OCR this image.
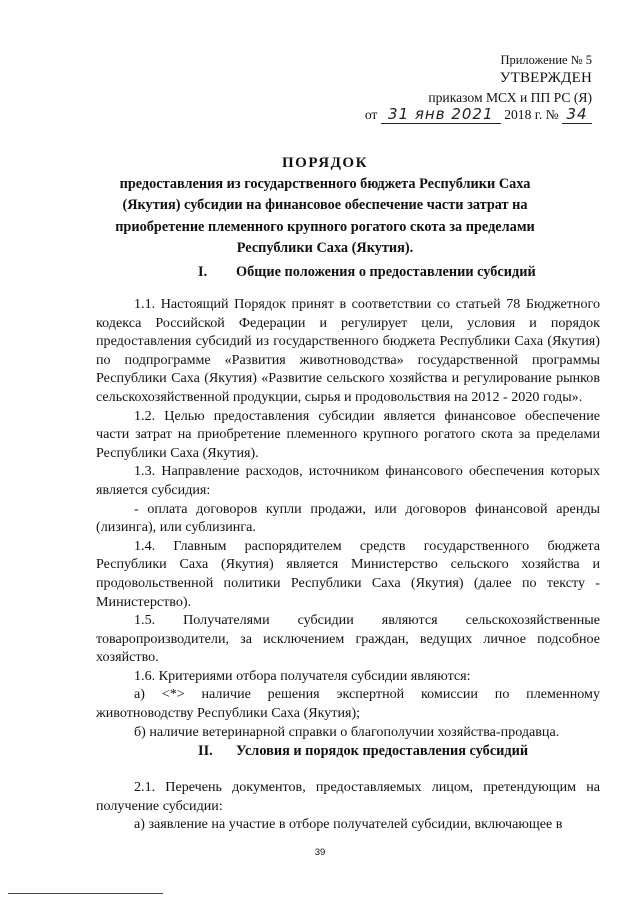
Приложение № 5
УТВЕРЖДЕН
приказом МСХ и ПП РС (Я)
от 31 янв 2021 2018 г. № 34
ПОРЯДОК
предоставления из государственного бюджета Республики Саха (Якутия) субсидии на финансовое обеспечение части затрат на приобретение племенного крупного рогатого скота за пределами Республики Саха (Якутия).
I. Общие положения о предоставлении субсидий

1.1. Настоящий Порядок принят в соответствии со статьей 78 Бюджетного кодекса Российской Федерации и регулирует цели, условия и порядок предоставления субсидий из государственного бюджета Республики Саха (Якутия) по подпрограмме «Развития животноводства» государственной программы Республики Саха (Якутия) «Развитие сельского хозяйства и регулирование рынков сельскохозяйственной продукции, сырья и продовольствия на 2012 - 2020 годы».

1.2. Целью предоставления субсидии является финансовое обеспечение части затрат на приобретение племенного крупного рогатого скота за пределами Республики Саха (Якутия).

1.3. Направление расходов, источником финансового обеспечения которых является субсидия:

- оплата договоров купли продажи, или договоров финансовой аренды (лизинга), или сублизинга.

1.4. Главным распорядителем средств государственного бюджета Республики Саха (Якутия) является Министерство сельского хозяйства и продовольственной политики Республики Саха (Якутия) (далее по тексту - Министерство).

1.5. Получателями субсидии являются сельскохозяйственные товаропроизводители, за исключением граждан, ведущих личное подсобное хозяйство.

1.6. Критериями отбора получателя субсидии являются:

а) <*> наличие решения экспертной комиссии по племенному животноводству Республики Саха (Якутия);

б) наличие ветеринарной справки о благополучии хозяйства-продавца.

II. Условия и порядок предоставления субсидий

2.1. Перечень документов, предоставляемых лицом, претендующим на получение субсидии:

а) заявление на участие в отборе получателей субсидии, включающее в

39
